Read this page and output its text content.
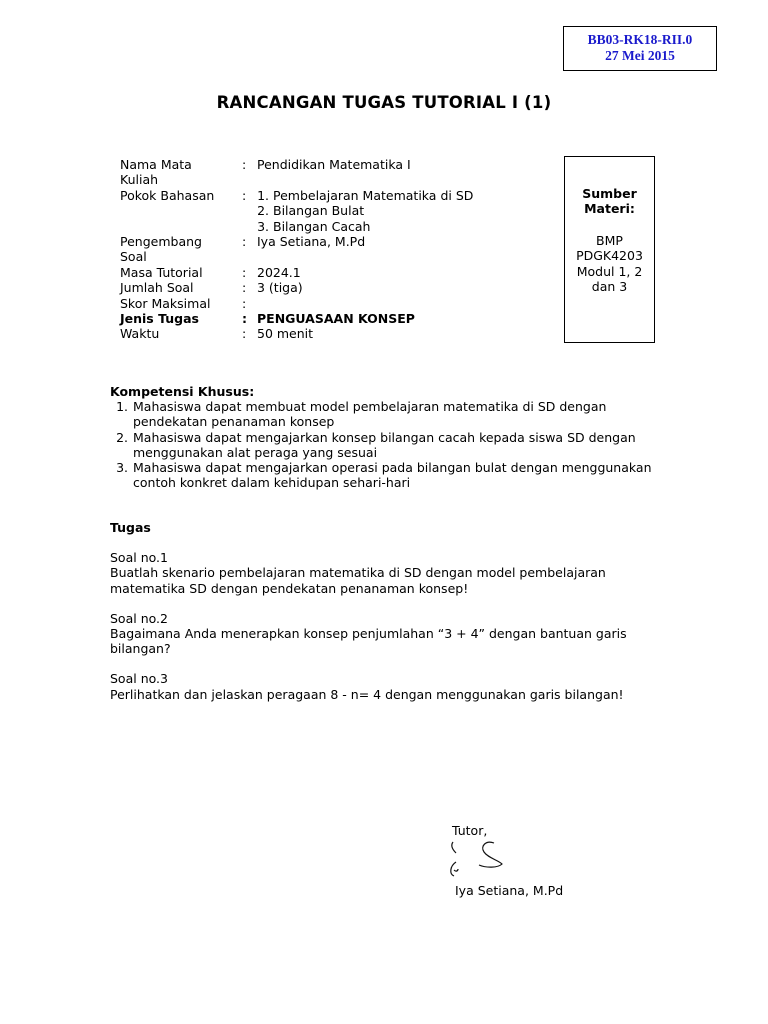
BB03-RK18-RII.0
27 Mei 2015
RANCANGAN TUGAS TUTORIAL I (1)
Nama Mata
Kuliah
: Pendidikan Matematika I
Pokok Bahasan	:
1.	Pembelajaran Matematika di SD
2. Bilangan Bulat
3. Bilangan Cacah
Pengembang
Soal
: Iya Setiana, M.Pd
Masa Tutorial	: 2024.1
Jumlah Soal	: 3 (tiga)
Skor Maksimal	:
Jenis Tugas	: PENGUASAAN KONSEP
Waktu	: 50 menit
Sumber
Materi:
BMP
PDGK4203
Modul 1, 2
dan 3
Kompetensi Khusus:
1. Mahasiswa dapat membuat model pembelajaran matematika di SD dengan pendekatan penanaman konsep
2. Mahasiswa dapat mengajarkan konsep bilangan cacah kepada siswa SD dengan menggunakan alat peraga yang sesuai
3. Mahasiswa dapat mengajarkan operasi pada bilangan bulat dengan menggunakan contoh konkret dalam kehidupan sehari-hari
Tugas
Soal no.1
Buatlah skenario pembelajaran matematika di SD dengan model pembelajaran matematika SD dengan pendekatan penanaman konsep!
Soal no.2
Bagaimana Anda menerapkan konsep penjumlahan “3 + 4” dengan bantuan garis bilangan?
Soal no.3
Perlihatkan dan jelaskan peragaan 8 - n= 4 dengan menggunakan garis bilangan!
Tutor,
Iya Setiana, M.Pd
